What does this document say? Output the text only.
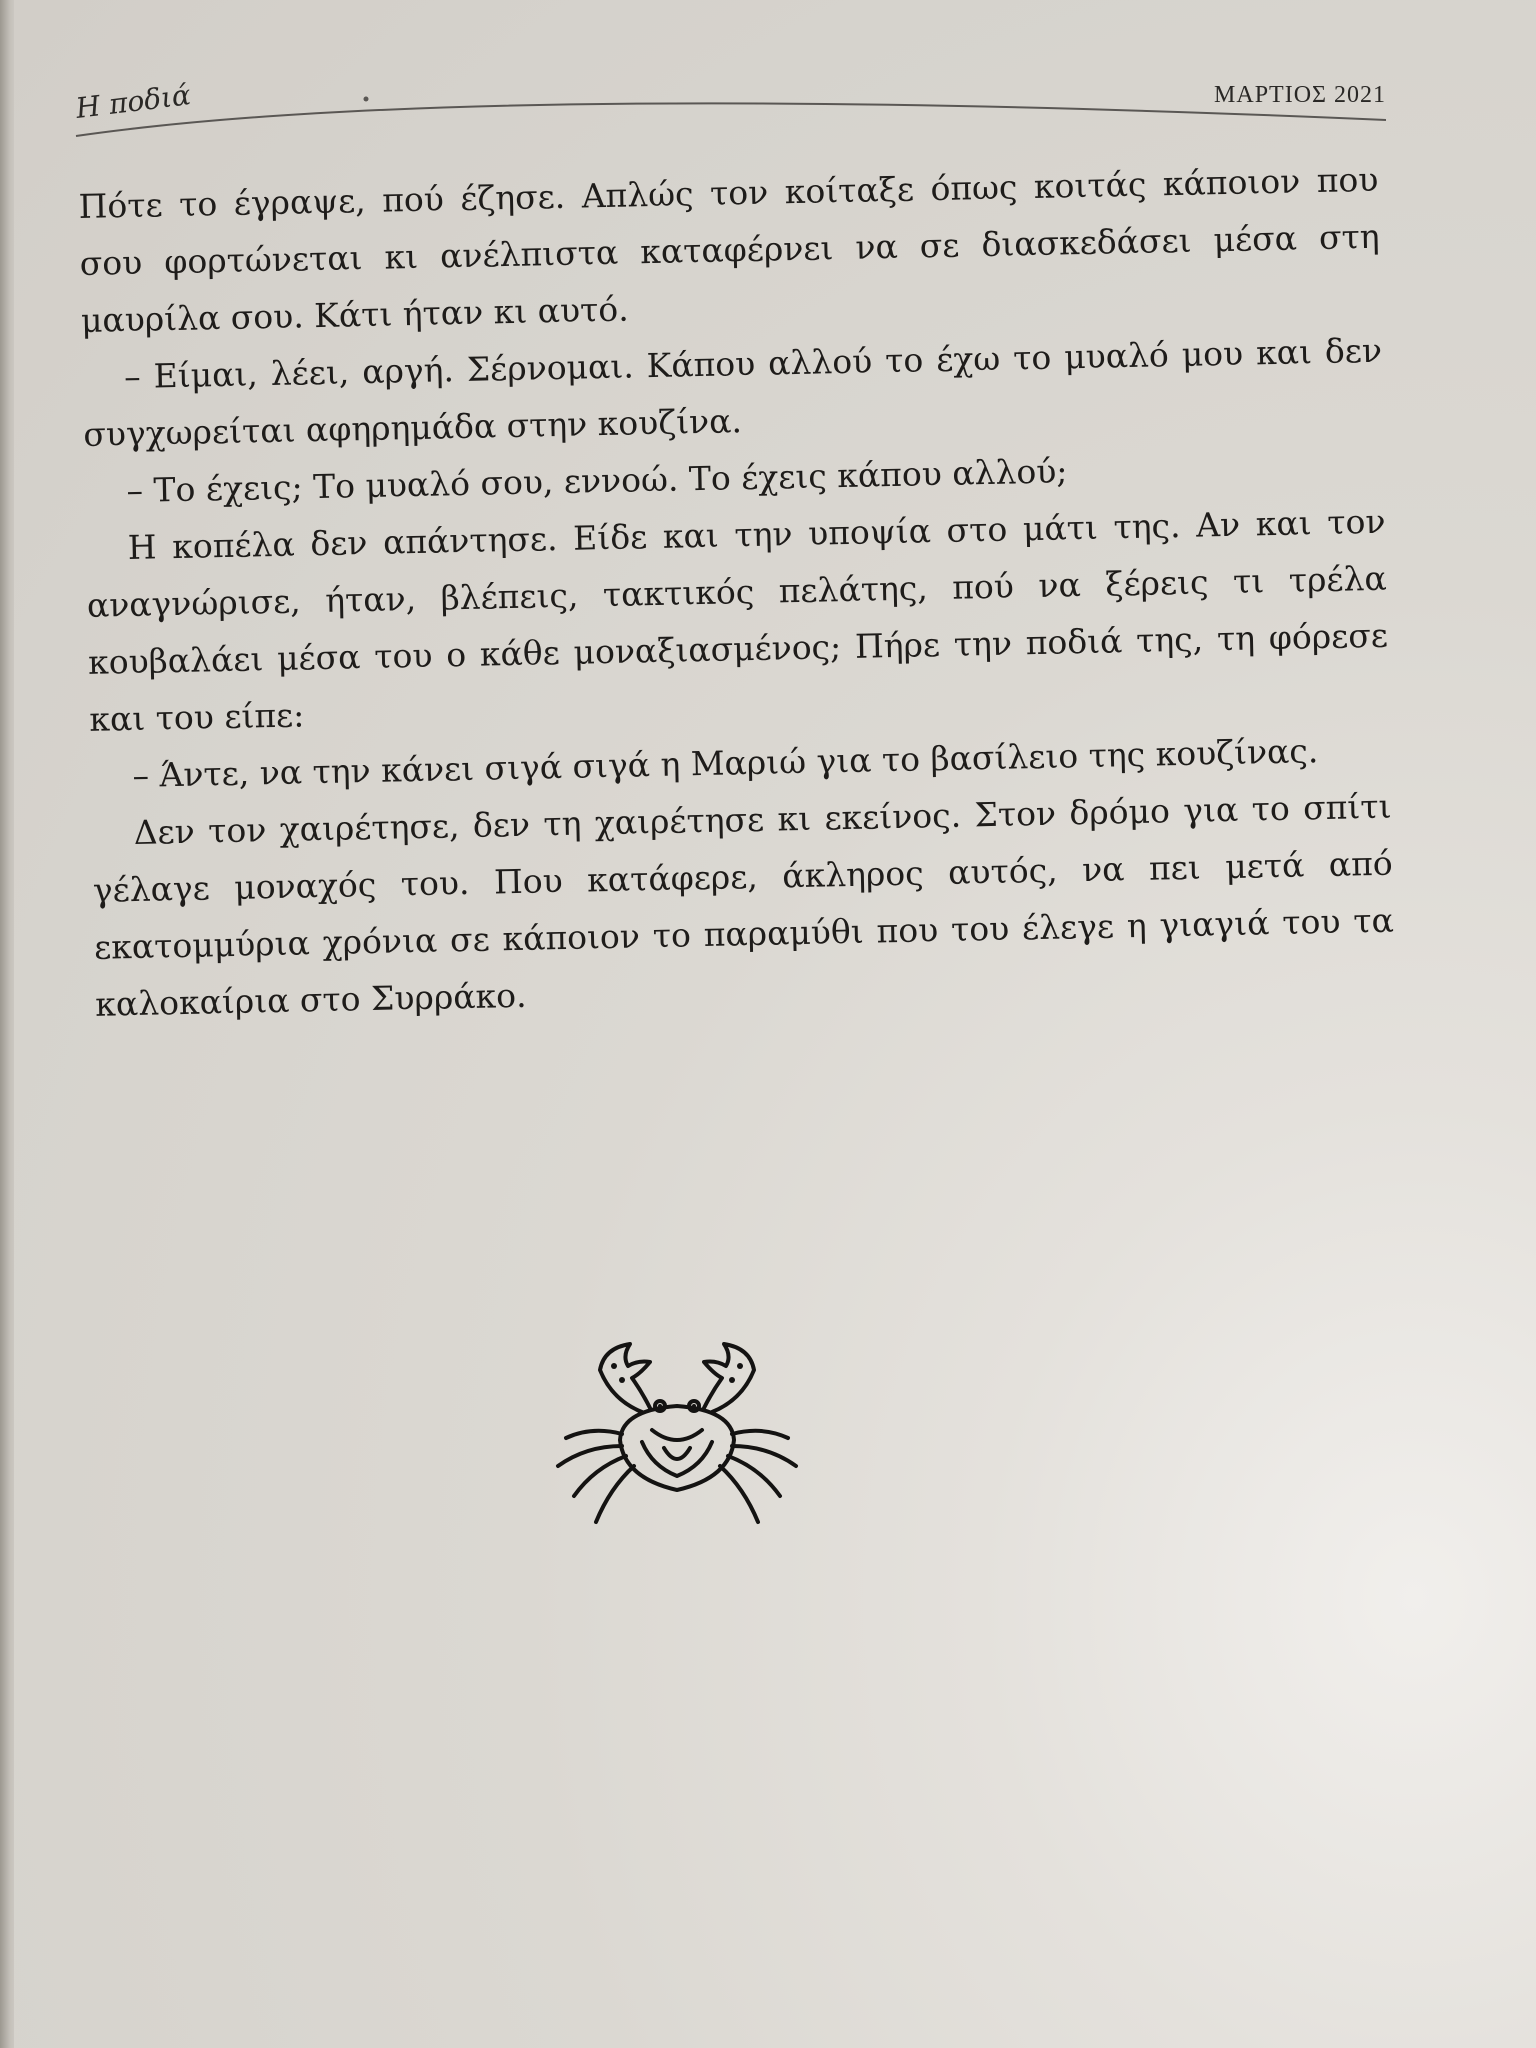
Η ποδιά	ΜΑΡΤΙΟΣ 2021

Πότε το έγραψε, πού έζησε. Απλώς τον κοίταξε όπως κοιτάς κάποιον που σου φορτώνεται κι ανέλπιστα καταφέρνει να σε διασκεδάσει μέσα στη μαυρίλα σου. Κάτι ήταν κι αυτό.

– Είμαι, λέει, αργή. Σέρνομαι. Κάπου αλλού το έχω το μυαλό μου και δεν συγχωρείται αφηρημάδα στην κουζίνα.

– Το έχεις; Το μυαλό σου, εννοώ. Το έχεις κάπου αλλού;

Η κοπέλα δεν απάντησε. Είδε και την υποψία στο μάτι της. Αν και τον αναγνώρισε, ήταν, βλέπεις, τακτικός πελάτης, πού να ξέρεις τι τρέλα κουβαλάει μέσα του ο κάθε μοναξιασμένος; Πήρε την ποδιά της, τη φόρεσε και του είπε:

– Άντε, να την κάνει σιγά σιγά η Μαριώ για το βασίλειο της κουζίνας.

Δεν τον χαιρέτησε, δεν τη χαιρέτησε κι εκείνος. Στον δρόμο για το σπίτι γέλαγε μοναχός του. Που κατάφερε, άκληρος αυτός, να πει μετά από εκατομμύρια χρόνια σε κάποιον το παραμύθι που του έλεγε η γιαγιά του τα καλοκαίρια στο Συρράκο.
